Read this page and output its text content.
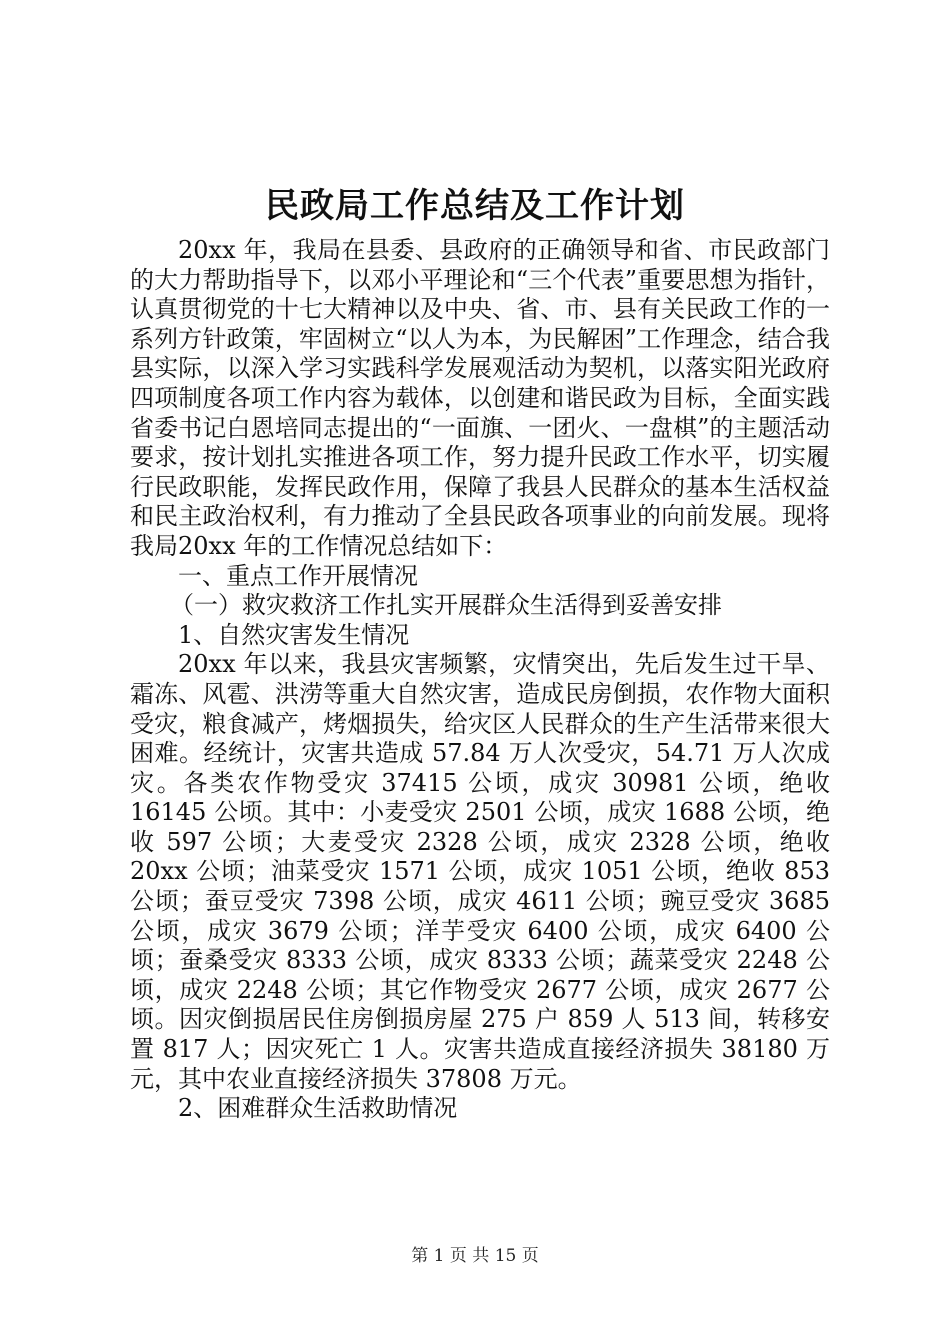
民政局工作总结及工作计划

20xx 年，我局在县委、县政府的正确领导和省、市民政部门的大力帮助指导下，以邓小平理论和“三个代表”重要思想为指针，认真贯彻党的十七大精神以及中央、省、市、县有关民政工作的一系列方针政策，牢固树立“以人为本，为民解困”工作理念，结合我县实际，以深入学习实践科学发展观活动为契机，以落实阳光政府四项制度各项工作内容为载体，以创建和谐民政为目标，全面实践省委书记白恩培同志提出的“一面旗、一团火、一盘棋”的主题活动要求，按计划扎实推进各项工作，努力提升民政工作水平，切实履行民政职能，发挥民政作用，保障了我县人民群众的基本生活权益和民主政治权利，有力推动了全县民政各项事业的向前发展。现将我局20xx 年的工作情况总结如下：

一、重点工作开展情况

（一）救灾救济工作扎实开展群众生活得到妥善安排

1、自然灾害发生情况

20xx 年以来，我县灾害频繁，灾情突出，先后发生过干旱、霜冻、风雹、洪涝等重大自然灾害，造成民房倒损，农作物大面积受灾，粮食减产，烤烟损失，给灾区人民群众的生产生活带来很大困难。经统计，灾害共造成 57.84 万人次受灾，54.71 万人次成灾。各类农作物受灾 37415 公顷，成灾 30981 公顷，绝收 16145 公顷。其中：小麦受灾 2501 公顷，成灾 1688 公顷，绝收 597 公顷；大麦受灾 2328 公顷，成灾 2328 公顷，绝收 20xx 公顷；油菜受灾 1571 公顷，成灾 1051 公顷，绝收 853 公顷；蚕豆受灾 7398 公顷，成灾 4611 公顷；豌豆受灾 3685 公顷，成灾 3679 公顷；洋芋受灾 6400 公顷，成灾 6400 公顷；蚕桑受灾 8333 公顷，成灾 8333 公顷；蔬菜受灾 2248 公顷，成灾 2248 公顷；其它作物受灾 2677 公顷，成灾 2677 公顷。因灾倒损居民住房倒损房屋 275 户 859 人 513 间，转移安置 817 人；因灾死亡 1 人。灾害共造成直接经济损失 38180 万元，其中农业直接经济损失 37808 万元。

2、困难群众生活救助情况

第 1 页 共 15 页
